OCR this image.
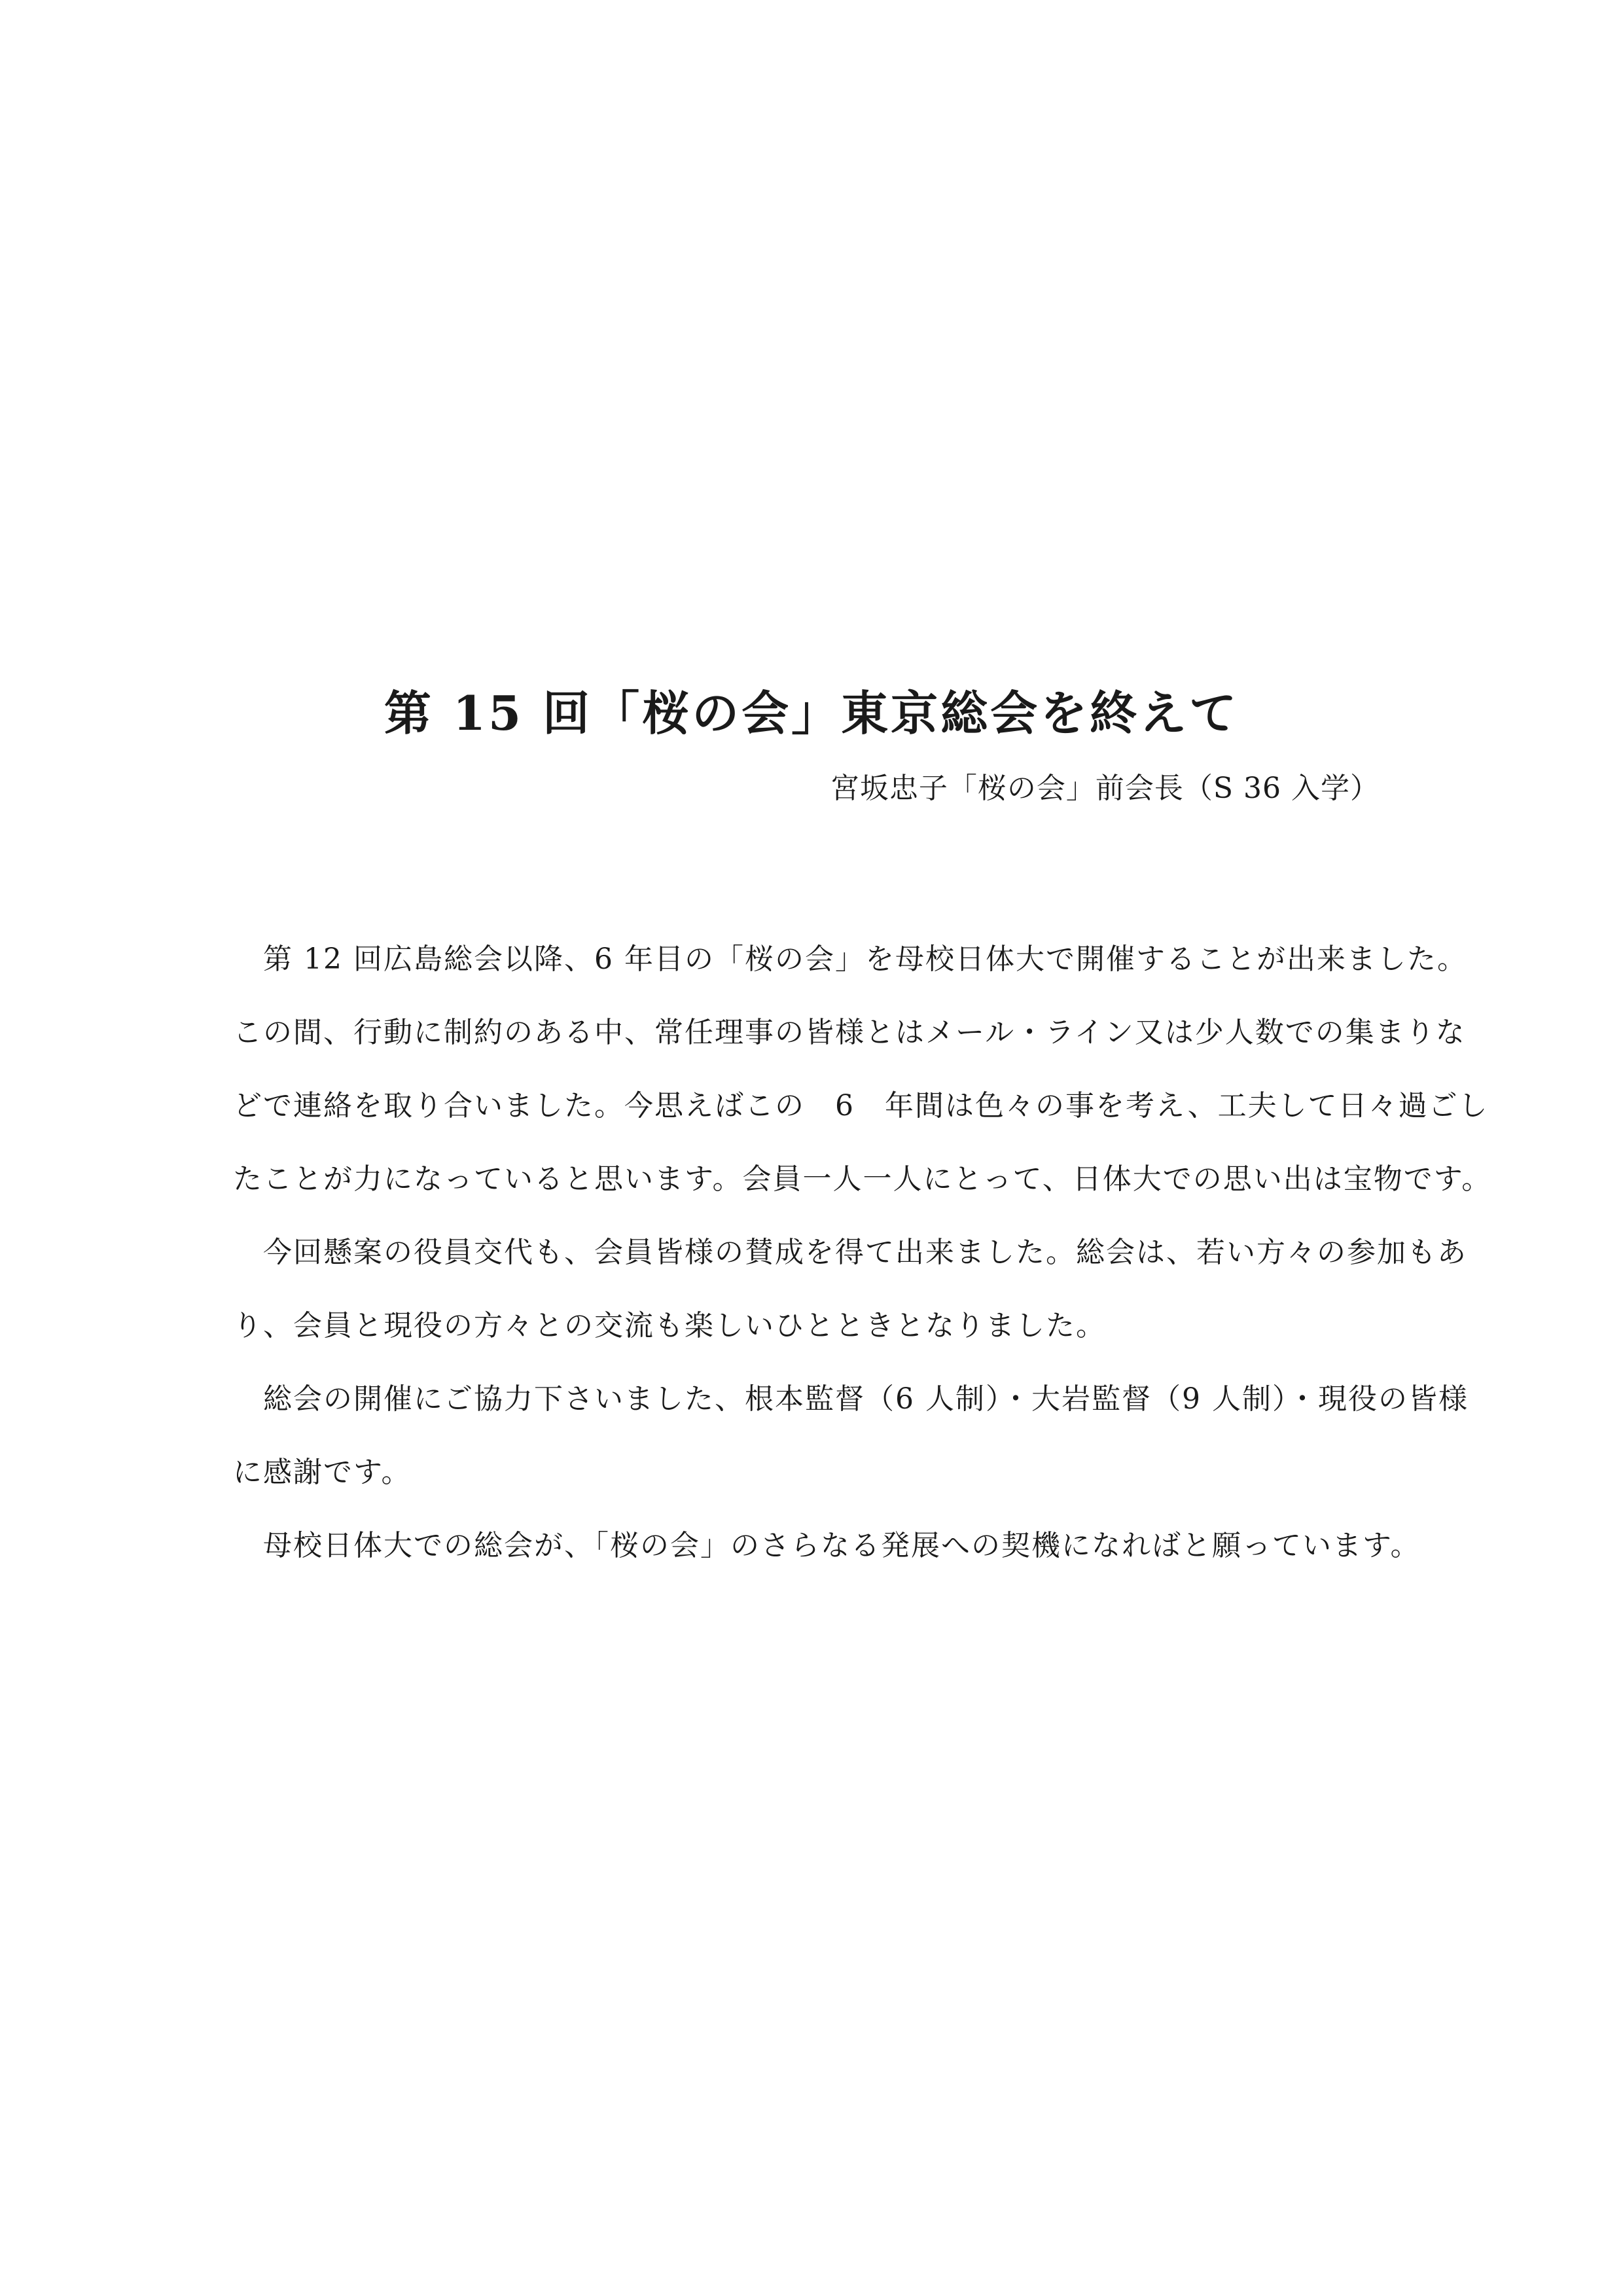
第 15 回「桜の会」東京総会を終えて
宮坂忠子「桜の会」前会長（S 36 入学）
　第 12 回広島総会以降、6 年目の「桜の会」を母校日体大で開催することが出来ました。
この間、行動に制約のある中、常任理事の皆様とはメール・ライン又は少人数での集まりな
どで連絡を取り合いました。今思えばこの　6　年間は色々の事を考え、工夫して日々過ごし
たことが力になっていると思います。会員一人一人にとって、日体大での思い出は宝物です。
　今回懸案の役員交代も、会員皆様の賛成を得て出来ました。総会は、若い方々の参加もあ
り、会員と現役の方々との交流も楽しいひとときとなりました。
　総会の開催にご協力下さいました、根本監督（6 人制）・大岩監督（9 人制）・現役の皆様
に感謝です。
　母校日体大での総会が、「桜の会」のさらなる発展への契機になればと願っています。
